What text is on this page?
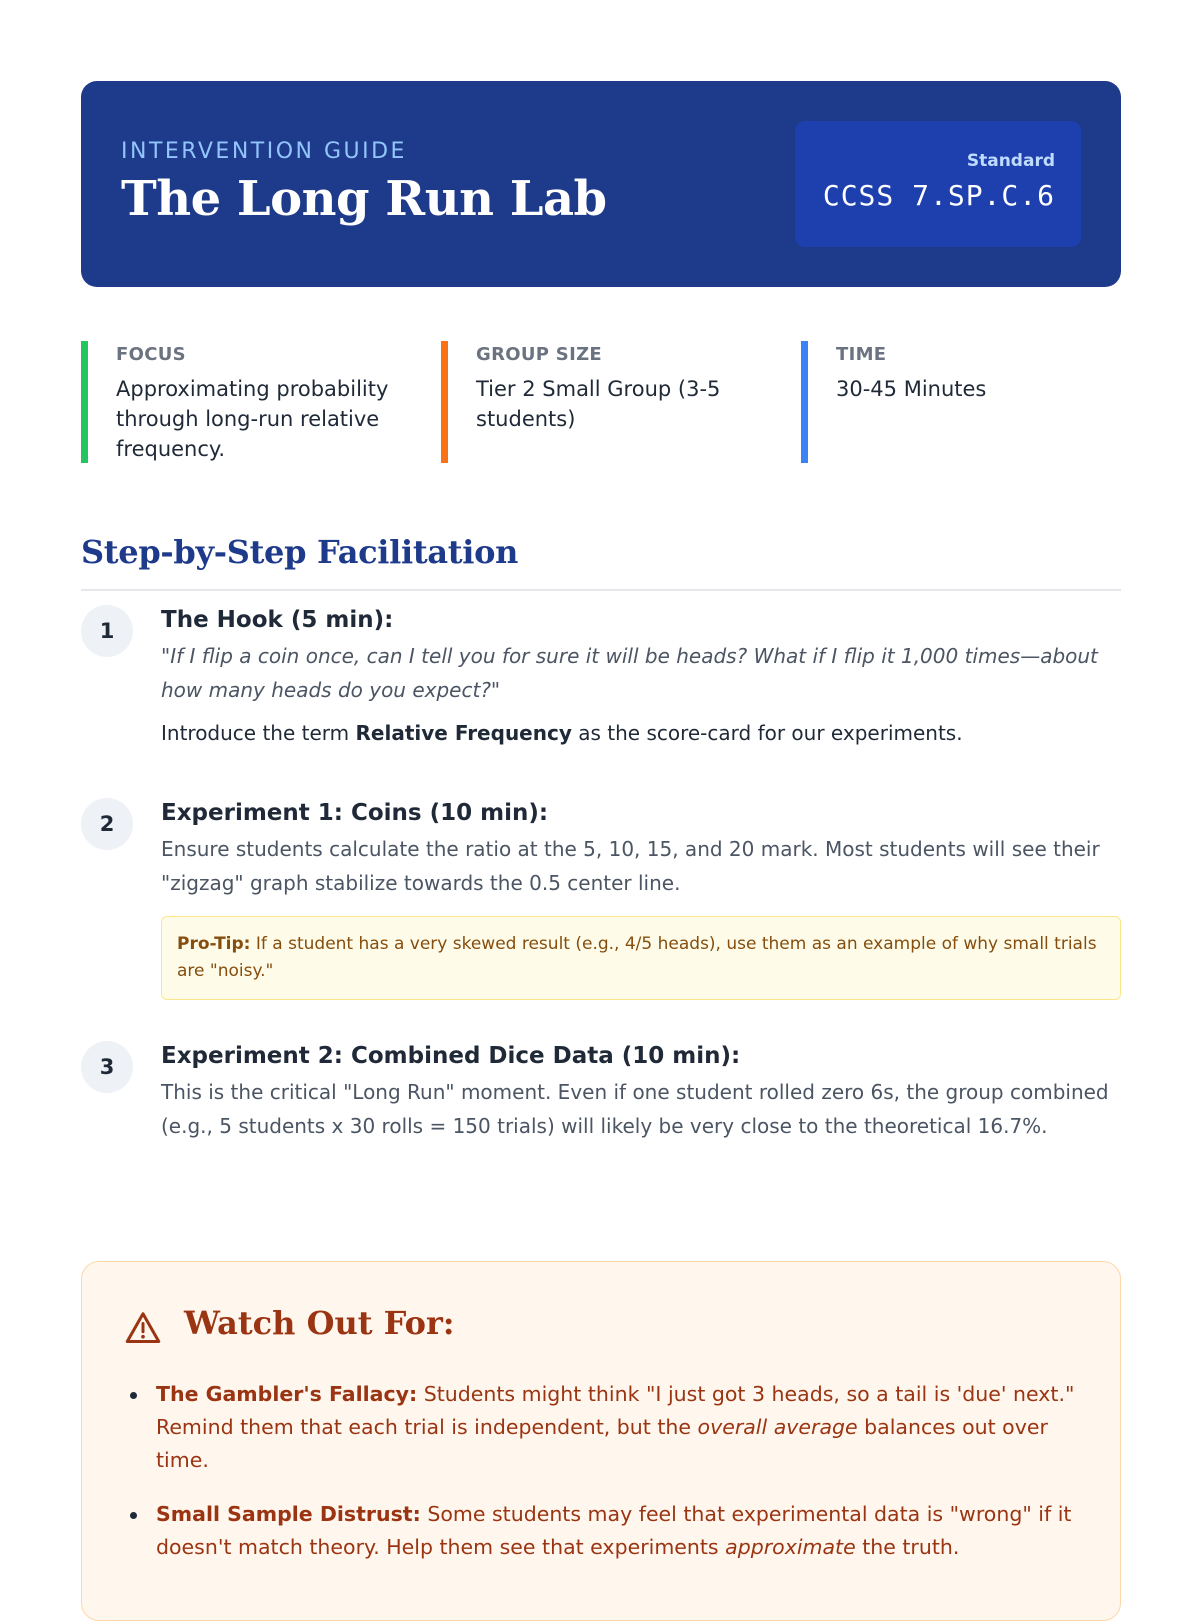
INTERVENTION GUIDE
The Long Run Lab
Standard
CCSS 7.SP.C.6
FOCUS
Approximating probability through long-run relative frequency.
GROUP SIZE
Tier 2 Small Group (3-5 students)
TIME
30-45 Minutes
Step-by-Step Facilitation
1	The Hook (5 min):
"If I flip a coin once, can I tell you for sure it will be heads? What if I flip it 1,000 times—about how many heads do you expect?"
Introduce the term Relative Frequency as the score-card for our experiments.
2	Experiment 1: Coins (10 min):
Ensure students calculate the ratio at the 5, 10, 15, and 20 mark. Most students will see their "zigzag" graph stabilize towards the 0.5 center line.
Pro-Tip: If a student has a very skewed result (e.g., 4/5 heads), use them as an example of why small trials are "noisy."
3	Experiment 2: Combined Dice Data (10 min):
This is the critical "Long Run" moment. Even if one student rolled zero 6s, the group combined (e.g., 5 students x 30 rolls = 150 trials) will likely be very close to the theoretical 16.7%.
Watch Out For:
The Gambler's Fallacy: Students might think "I just got 3 heads, so a tail is 'due' next." Remind them that each trial is independent, but the overall average balances out over time.
Small Sample Distrust: Some students may feel that experimental data is "wrong" if it doesn't match theory. Help them see that experiments approximate the truth.
